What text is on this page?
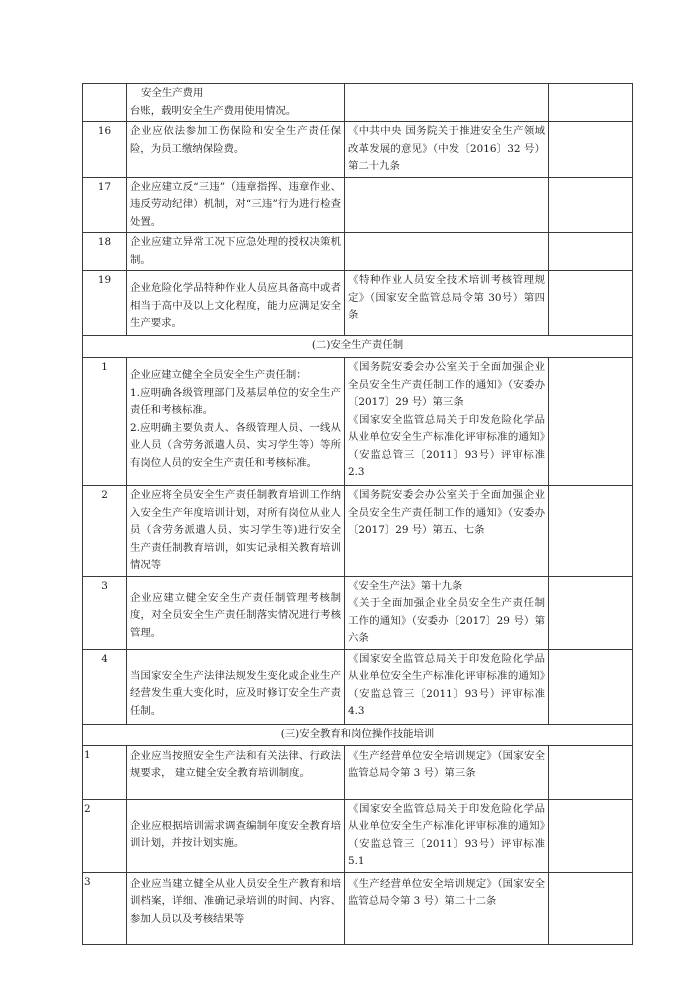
	安全生产费用
台账，载明安全生产费用使用情况。		

16	企业应依法参加工伤保险和安全生产责任保险，为员工缴纳保险费。	《中共中央 国务院关于推进安全生产领域改革发展的意见》（中发〔2016〕32 号）第二十九条	
17	企业应建立反“三违”（违章指挥、违章作业、违反劳动纪律）机制，对“三违”行为进行检查处置。		
18	企业应建立异常工况下应急处理的授权决策机制。		
19	企业危险化学品特种作业人员应具备高中或者相当于高中及以上文化程度，能力应满足安全生产要求。	《特种作业人员安全技术培训考核管理规定》（国家安全监管总局令第 30号）第四条	
(二)安全生产责任制			
1	企业应建立健全全员安全生产责任制：
1.应明确各级管理部门及基层单位的安全生产责任和考核标准。
2.应明确主要负责人、各级管理人员、一线从业人员（含劳务派遣人员、实习学生等）等所有岗位人员的安全生产责任和考核标准。	《国务院安委会办公室关于全面加强企业全员安全生产责任制工作的通知》（安委办〔2017〕29 号）第三条
《国家安全监管总局关于印发危险化学品从业单位安全生产标准化评审标准的通知》（安监总管三〔2011〕93号）评审标准 2.3	

2	企业应将全员安全生产责任制教育培训工作纳入安全生产年度培训计划，对所有岗位从业人员（含劳务派遣人员、实习学生等)进行安全生产责任制教育培训，如实记录相关教育培训情况等	《国务院安委会办公室关于全面加强企业全员安全生产责任制工作的通知》（安委办〔2017〕29 号）第五、七条	
3	企业应建立健全安全生产责任制管理考核制度，对全员安全生产责任制落实情况进行考核管理。	《安全生产法》第十九条
《关于全面加强企业全员安全生产责任制工作的通知》（安委办〔2017〕29 号）第六条	

4	当国家安全生产法律法规发生变化或企业生产经营发生重大变化时，应及时修订安全生产责任制。	《国家安全监管总局关于印发危险化学品从业单位安全生产标准化评审标准的通知》（安监总管三〔2011〕93号）评审标准 4.3	
(三)安全教育和岗位操作技能培训			
1	企业应当按照安全生产法和有关法律、行政法规要求， 建立健全安全教育培训制度。	《生产经营单位安全培训规定》（国家安全监管总局令第 3 号）第三条	
2	企业应根据培训需求调查编制年度安全教育培训计划，并按计划实施。	《国家安全监管总局关于印发危险化学品从业单位安全生产标准化评审标准的通知》（安监总管三〔2011〕93号）评审标准 5.1	
3	企业应当建立健全从业人员安全生产教育和培训档案，详细、准确记录培训的时间、内容、参加人员以及考核结果等	《生产经营单位安全培训规定》（国家安全监管总局令第 3 号）第二十二条	
